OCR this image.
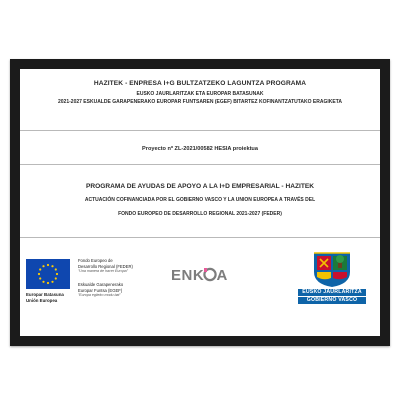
HAZITEK - ENPRESA I+G BULTZATZEKO LAGUNTZA PROGRAMA
EUSKO JAURLARITZAK ETA EUROPAR BATASUNAK
2021-2027 ESKUALDE GARAPENERAKO EUROPAR FUNTSAREN (EGEF) BITARTEZ KOFINANTZATUTAKO ERAGIKETA
Proyecto nº ZL-2021/00582 HESIA proiektua
PROGRAMA DE AYUDAS DE APOYO A LA I+D EMPRESARIAL - HAZITEK
ACTUACIÓN COFINANCIADA POR EL GOBIERNO VASCO Y LA UNION EUROPEA A TRAVÉS DEL
FONDO EUROPEO DE DESARROLLO REGIONAL 2021-2027 (FEDER)
Fondo Europeo de
Desarrollo Regional (FEDER)
"Una manera de hacer Europa"
Eskualde Garapenerako
Europar Funtsa (EGEF)
"Europa egiteko modu bat"
Europar Batasuna
Unión Europea
ENK A
EUSKO JAURLARITZA
GOBIERNO VASCO
